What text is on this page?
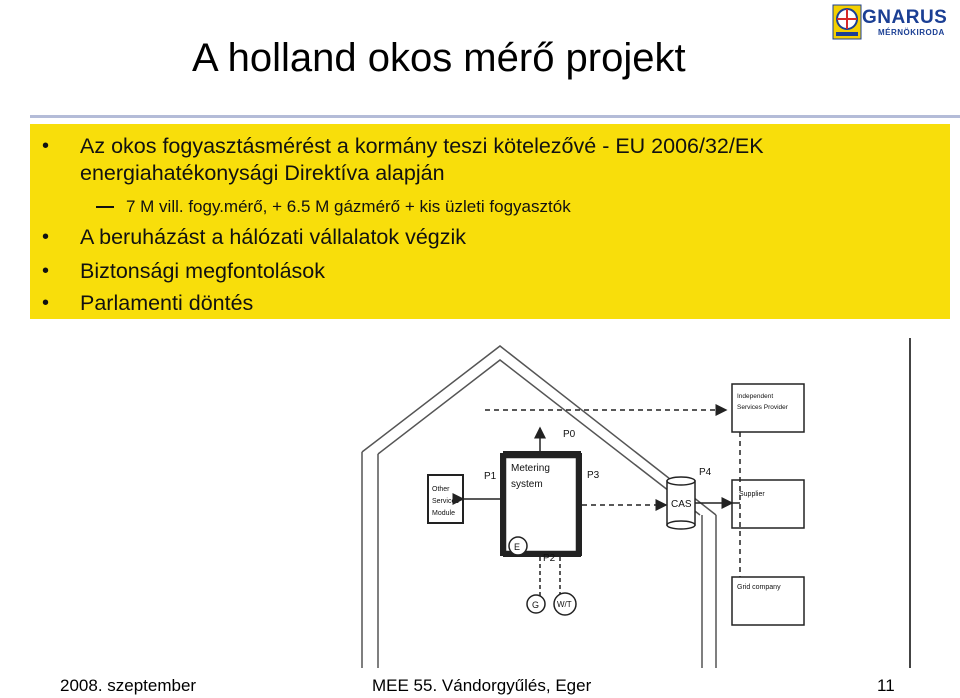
A holland okos mérő projekt
GNARUS
MÉRNÖKIRODA
• Az okos fogyasztásmérést a kormány teszi kötelezővé - EU 2006/32/EK
energiahatékonysági Direktíva alapján
7 M vill. fogy.mérő, + 6.5 M gázmérő + kis üzleti fogyasztók
• A beruházást a hálózati vállalatok végzik
• Biztonsági megfontolások
• Parlamenti döntés
Metering
system
Other
Services
Module
P1
P0
P3
CAS
P4
Independent
Services Provider
Supplier
Grid company
P2
E
G W/T
2008. szeptember	MEE 55. Vándorgyűlés, Eger	11
